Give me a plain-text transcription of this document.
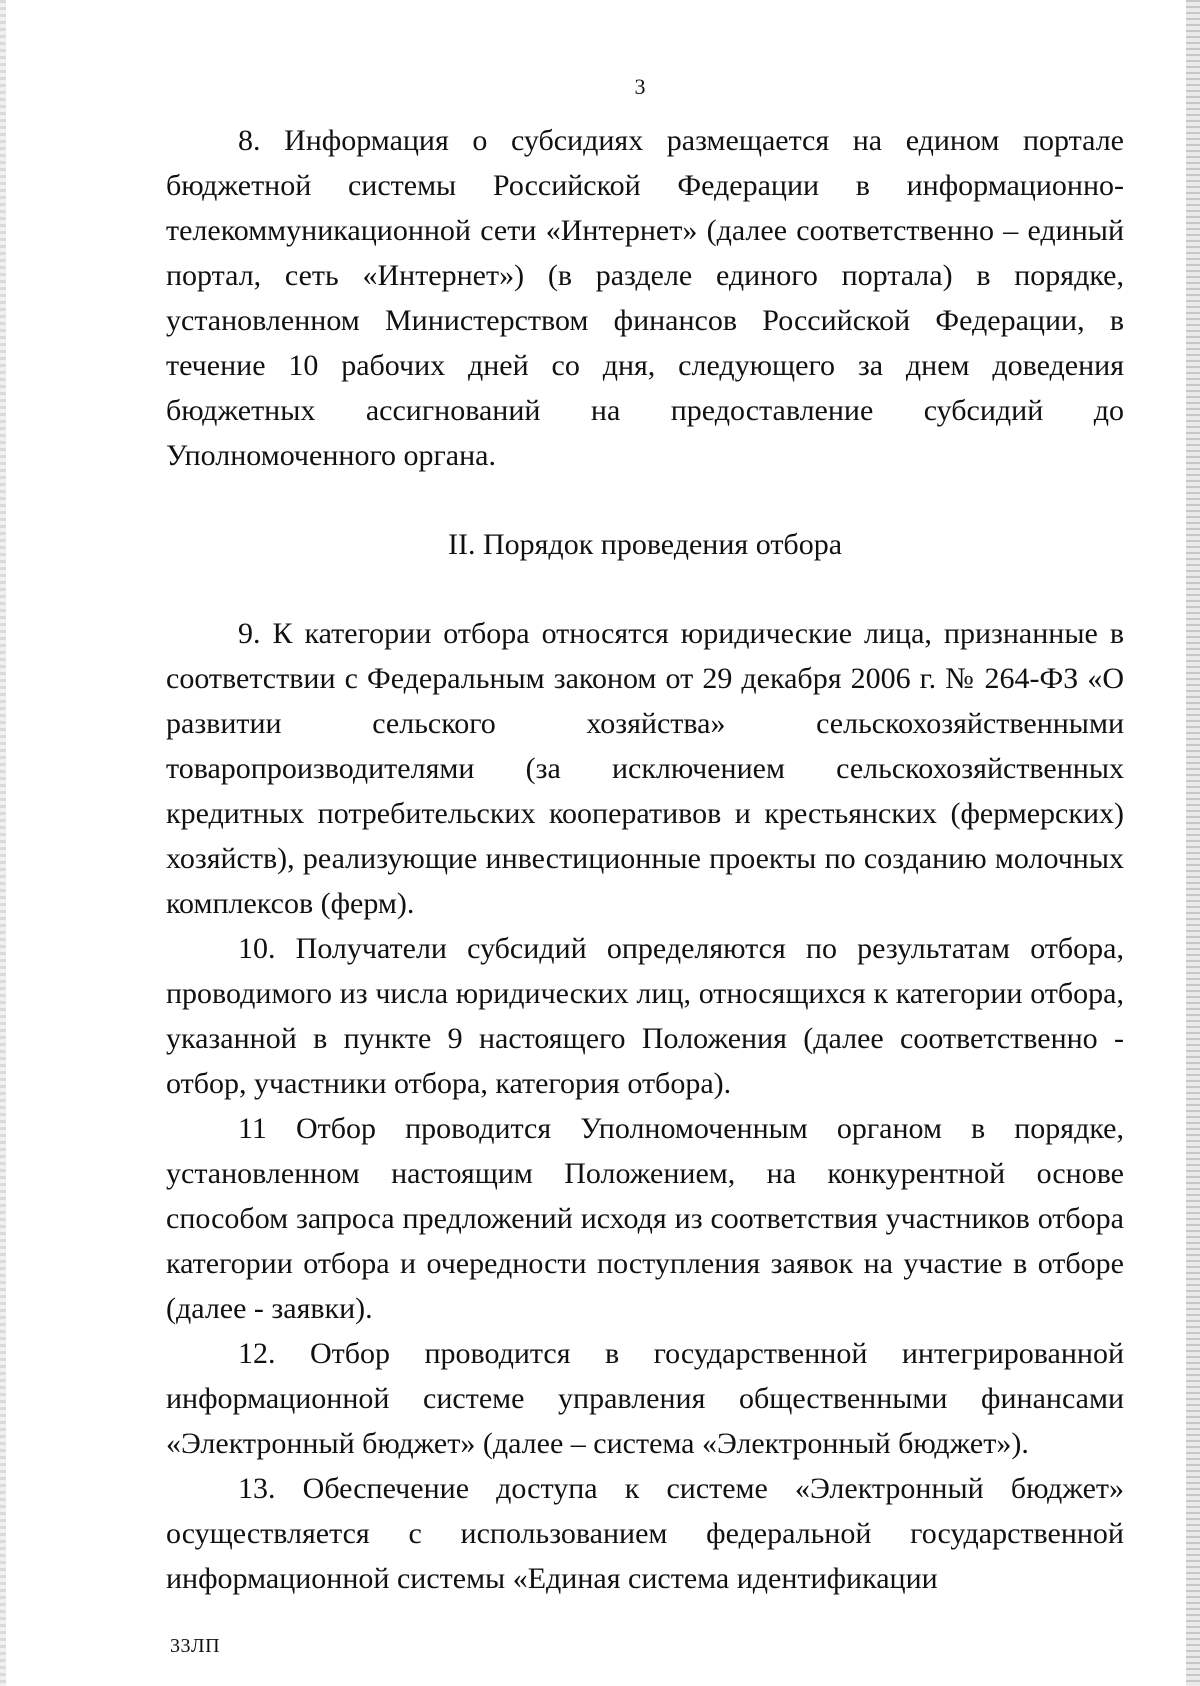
3

8. Информация о субсидиях размещается на едином портале бюджетной системы Российской Федерации в информационно-телекоммуникационной сети «Интернет» (далее соответственно – единый портал, сеть «Интернет») (в разделе единого портала) в порядке, установленном Министерством финансов Российской Федерации, в течение 10 рабочих дней со дня, следующего за днем доведения бюджетных ассигнований на предоставление субсидий до Уполномоченного органа.

II. Порядок проведения отбора

9. К категории отбора относятся юридические лица, признанные в соответствии с Федеральным законом от 29 декабря 2006 г. № 264-ФЗ «О развитии сельского хозяйства» сельскохозяйственными товаропроизводителями (за исключением сельскохозяйственных кредитных потребительских кооперативов и крестьянских (фермерских) хозяйств), реализующие инвестиционные проекты по созданию молочных комплексов (ферм).

10. Получатели субсидий определяются по результатам отбора, проводимого из числа юридических лиц, относящихся к категории отбора, указанной в пункте 9 настоящего Положения (далее соответственно - отбор, участники отбора, категория отбора).

11 Отбор проводится Уполномоченным органом в порядке, установленном настоящим Положением, на конкурентной основе способом запроса предложений исходя из соответствия участников отбора категории отбора и очередности поступления заявок на участие в отборе (далее - заявки).

12. Отбор проводится в государственной интегрированной информационной системе управления общественными финансами «Электронный бюджет» (далее – система «Электронный бюджет»).

13. Обеспечение доступа к системе «Электронный бюджет» осуществляется с использованием федеральной государственной информационной системы «Единая система идентификации

33ЛП
